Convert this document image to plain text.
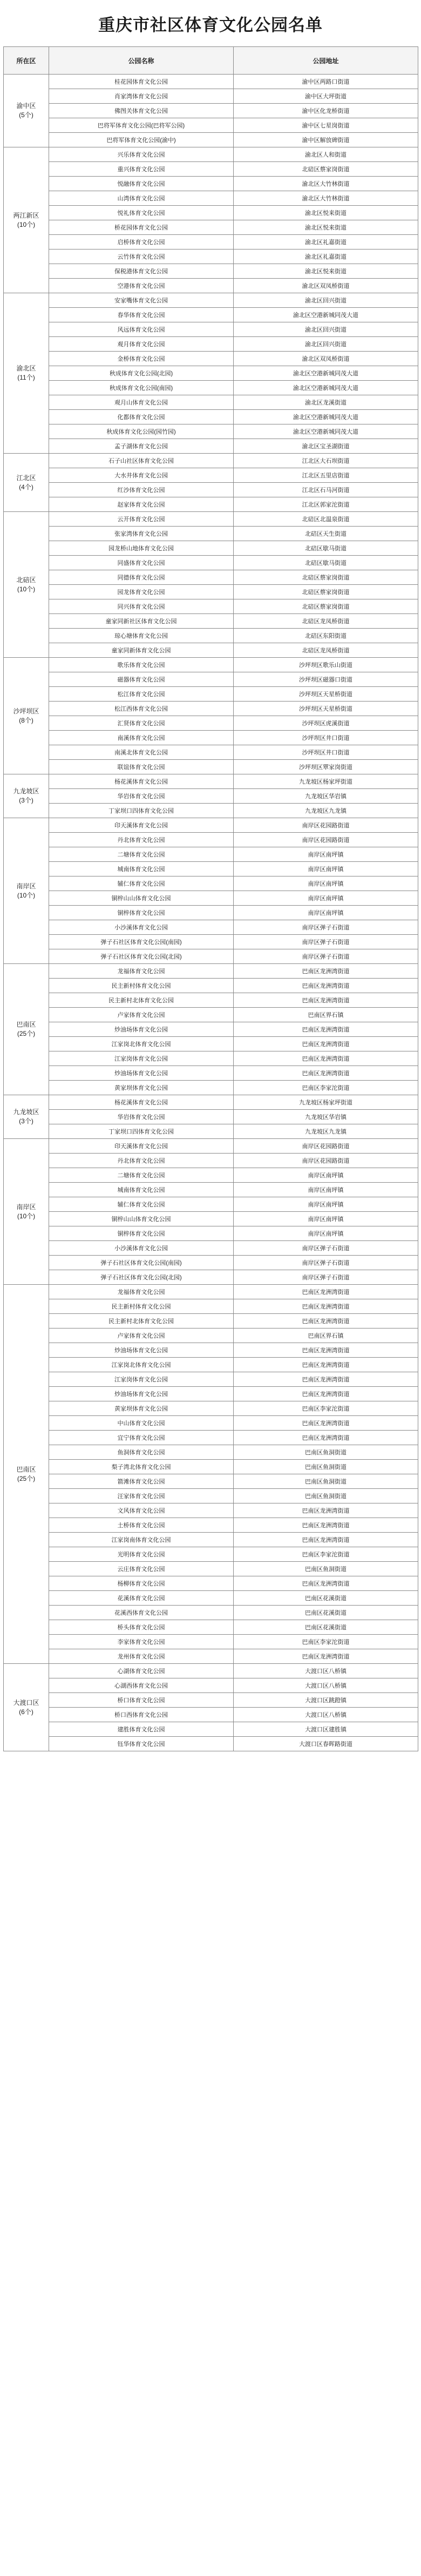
重庆市社区体育文化公园名单
所在区	公园名称	公园地址

渝中区
(5个)	桂花园体育文化公园	渝中区两路口街道
	肖家湾体育文化公园	渝中区大坪街道
	佛图关体育文化公园	渝中区化龙桥街道
	巴将军体育文化公园(巴将军公园)	渝中区七星岗街道
	巴将军体育文化公园(渝中)	渝中区解放碑街道

两江新区
(10个)	兴乐体育文化公园	渝北区人和街道
	重兴体育文化公园	北碚区蔡家岗街道
	悦融体育文化公园	渝北区大竹林街道
	山湾体育文化公园	渝北区大竹林街道
	悦礼体育文化公园	渝北区悦来街道
	桥花园体育文化公园	渝北区悦来街道
	启桥体育文化公园	渝北区礼嘉街道
	云竹体育文化公园	渝北区礼嘉街道
	保税港体育文化公园	渝北区悦来街道
	空港体育文化公园	渝北区双凤桥街道

渝北区
(11个)	安家嘴体育文化公园	渝北区回兴街道
	春华体育文化公园	渝北区空港新城同茂大道
	风远体育文化公园	渝北区回兴街道
	观月体育文化公园	渝北区回兴街道
	金桥体育文化公园	渝北区双凤桥街道
	秋成体育文化公园(北园)	渝北区空港新城同茂大道
	秋成体育文化公园(南园)	渝北区空港新城同茂大道
	观月山体育文化公园	渝北区龙溪街道
	化都体育文化公园	渝北区空港新城同茂大道
	秋成体育文化公园(园竹园)	渝北区空港新城同茂大道
	孟子湖体育文化公园	渝北区宝圣湖街道

江北区
(4个)	石子山社区体育文化公园	江北区大石坝街道
	大水井体育文化公园	江北区五里店街道
	红沙体育文化公园	江北区石马河街道
	赵家体育文化公园	江北区郭家沱街道

北碚区
(10个)	云开体育文化公园	北碚区北温泉街道
	张家湾体育文化公园	北碚区天生街道
	园龙桥山地体育文化公园	北碚区歇马街道
	同盛体育文化公园	北碚区歇马街道
	同德体育文化公园	北碚区蔡家岗街道
	园龙体育文化公园	北碚区蔡家岗街道
	同兴体育文化公园	北碚区蔡家岗街道
	童家同新社区体育文化公园	北碚区龙凤桥街道
	琼心塘体育文化公园	北碚区东阳街道
	童家同新体育文化公园	北碚区龙凤桥街道

沙坪坝区
(8个)	歌乐体育文化公园	沙坪坝区歌乐山街道
	磁器体育文化公园	沙坪坝区磁器口街道
	松江体育文化公园	沙坪坝区天星桥街道
	松江西体育文化公园	沙坪坝区天星桥街道
	汇贤体育文化公园	沙坪坝区虎溪街道
	南溪体育文化公园	沙坪坝区井口街道
	南溪北体育文化公园	沙坪坝区井口街道
	联谊体育文化公园	沙坪坝区覃家岗街道

九龙坡区
(3个)	杨花溪体育文化公园	九龙坡区杨家坪街道
	华岩体育文化公园	九龙坡区华岩镇
	丁家坝口四体育文化公园	九龙坡区九龙镇

南岸区
(10个)	印天溪体育文化公园	南岸区花园路街道
	丹北体育文化公园	南岸区花园路街道
	二塘体育文化公园	南岸区南坪镇
	城南体育文化公园	南岸区南坪镇
	辅仁体育文化公园	南岸区南坪镇
	铜梓山山体育文化公园	南岸区南坪镇
	铜梓体育文化公园	南岸区南坪镇
	小沙溪体育文化公园	南岸区弹子石街道
	弹子石社区体育文化公园(南园)	南岸区弹子石街道
	弹子石社区体育文化公园(北园)	南岸区弹子石街道

巴南区
(25个)	龙福体育文化公园	巴南区龙洲湾街道
	民主新村体育文化公园	巴南区龙洲湾街道
	民主新村北体育文化公园	巴南区龙洲湾街道
	卢家体育文化公园	巴南区界石镇
	炒油场体育文化公园	巴南区龙洲湾街道
	江家岗北体育文化公园	巴南区龙洲湾街道
	江家岗体育文化公园	巴南区龙洲湾街道
	炒油场体育文化公园	巴南区龙洲湾街道
	黄家坝体育文化公园	巴南区李家沱街道

九龙坡区
(3个)	杨花溪体育文化公园	九龙坡区杨家坪街道
	华岩体育文化公园	九龙坡区华岩镇
	丁家坝口四体育文化公园	九龙坡区九龙镇

南岸区
(10个)	印天溪体育文化公园	南岸区花园路街道
	丹北体育文化公园	南岸区花园路街道
	二塘体育文化公园	南岸区南坪镇
	城南体育文化公园	南岸区南坪镇
	辅仁体育文化公园	南岸区南坪镇
	铜梓山山体育文化公园	南岸区南坪镇
	铜梓体育文化公园	南岸区南坪镇
	小沙溪体育文化公园	南岸区弹子石街道
	弹子石社区体育文化公园(南园)	南岸区弹子石街道
	弹子石社区体育文化公园(北园)	南岸区弹子石街道

巴南区
(25个)	龙福体育文化公园	巴南区龙洲湾街道
	民主新村体育文化公园	巴南区龙洲湾街道
	民主新村北体育文化公园	巴南区龙洲湾街道
	卢家体育文化公园	巴南区界石镇
	炒油场体育文化公园	巴南区龙洲湾街道
	江家岗北体育文化公园	巴南区龙洲湾街道
	江家岗体育文化公园	巴南区龙洲湾街道
	炒油场体育文化公园	巴南区龙洲湾街道
	黄家坝体育文化公园	巴南区李家沱街道
	中山体育文化公园	巴南区龙洲湾街道
	宜宁体育文化公园	巴南区龙洲湾街道
	鱼洞体育文化公园	巴南区鱼洞街道
	梨子湾北体育文化公园	巴南区鱼洞街道
	箭滩体育文化公园	巴南区鱼洞街道
	汪家体育文化公园	巴南区鱼洞街道
	文风体育文化公园	巴南区龙洲湾街道
	土桥体育文化公园	巴南区龙洲湾街道
	江家岗南体育文化公园	巴南区龙洲湾街道
	光明体育文化公园	巴南区李家沱街道
	云庄体育文化公园	巴南区鱼洞街道
	杨柳体育文化公园	巴南区龙洲湾街道
	花溪体育文化公园	巴南区花溪街道
	花溪西体育文化公园	巴南区花溪街道
	桥头体育文化公园	巴南区花溪街道
	李家体育文化公园	巴南区李家沱街道
	龙州体育文化公园	巴南区龙洲湾街道

大渡口区
(6个)	心湖体育文化公园	大渡口区八桥镇
	心湖西体育文化公园	大渡口区八桥镇
	桥口体育文化公园	大渡口区跳蹬镇
	桥口西体育文化公园	大渡口区八桥镇
	建胜体育文化公园	大渡口区建胜镇
	钰华体育文化公园	大渡口区春晖路街道
